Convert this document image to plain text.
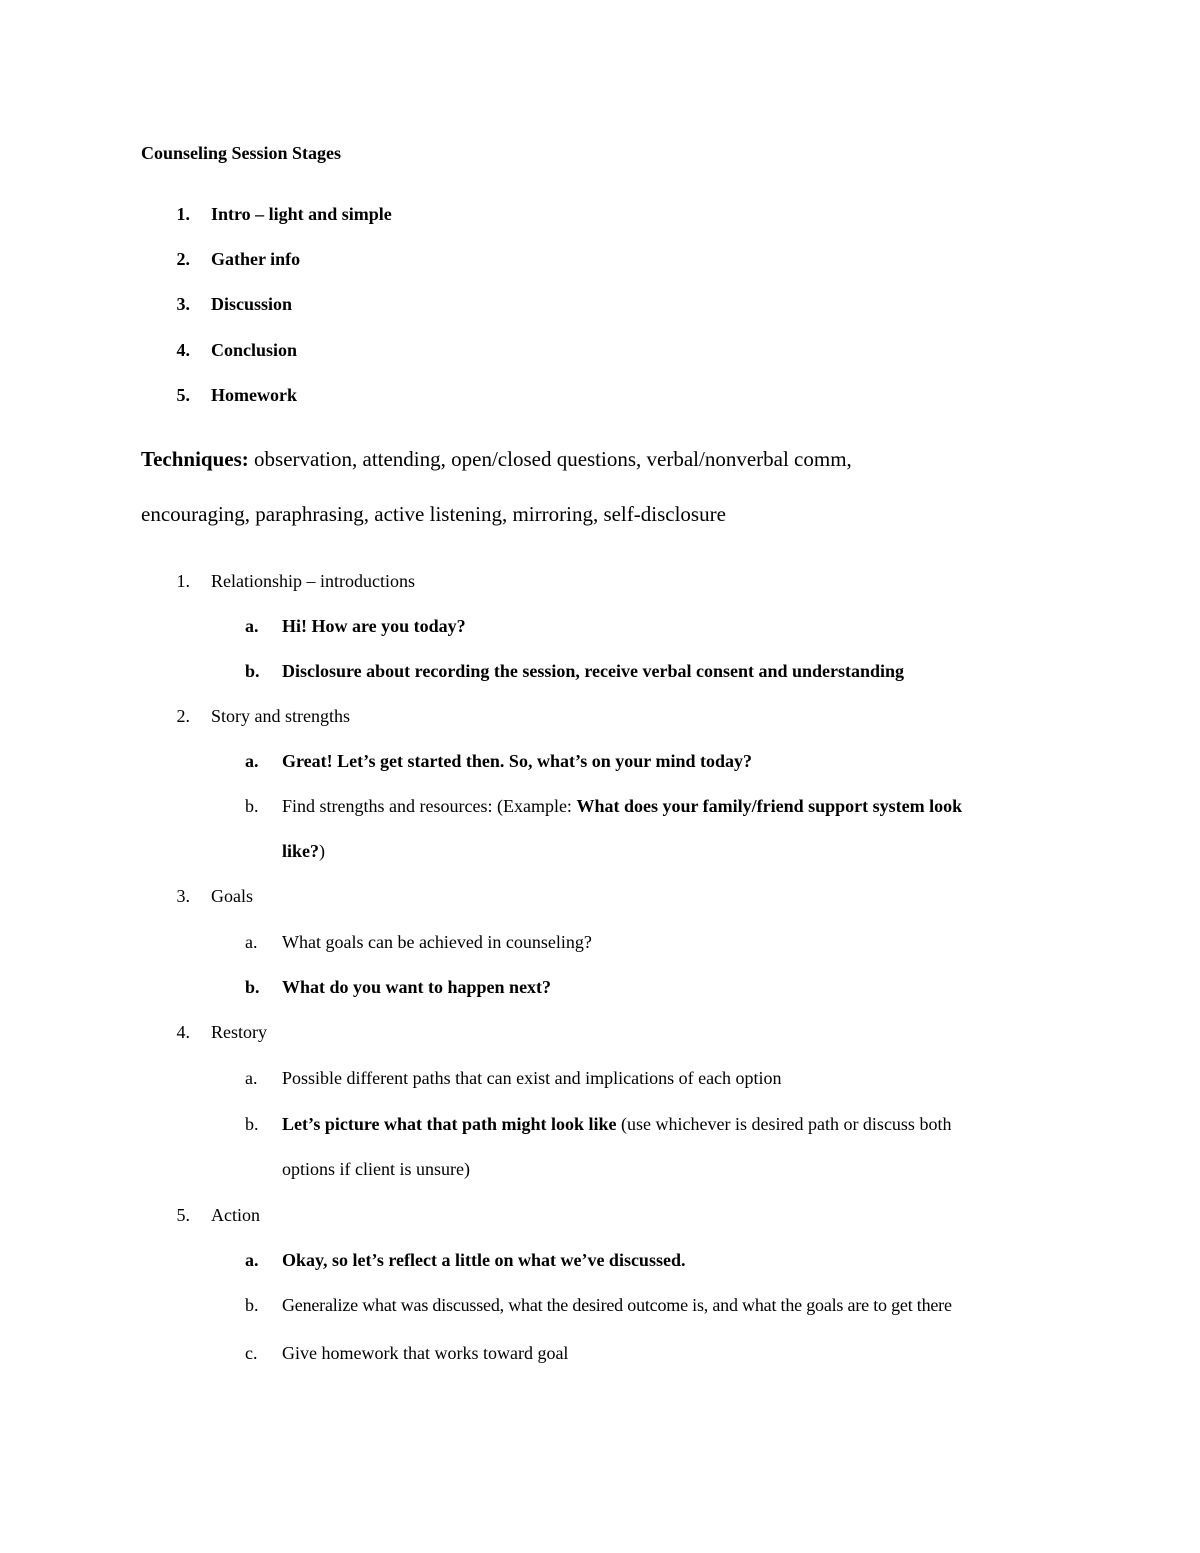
Counseling Session Stages
1. Intro – light and simple
2. Gather info
3. Discussion
4. Conclusion
5. Homework
Techniques: observation, attending, open/closed questions, verbal/nonverbal comm,
encouraging, paraphrasing, active listening, mirroring, self-disclosure
1. Relationship – introductions
a. Hi! How are you today?
b. Disclosure about recording the session, receive verbal consent and understanding
2. Story and strengths
a. Great! Let’s get started then. So, what’s on your mind today?
b. Find strengths and resources: (Example: What does your family/friend support system look
like?)
3. Goals
a. What goals can be achieved in counseling?
b. What do you want to happen next?
4. Restory
a. Possible different paths that can exist and implications of each option
b. Let’s picture what that path might look like (use whichever is desired path or discuss both
options if client is unsure)
5. Action
a. Okay, so let’s reflect a little on what we’ve discussed.
b. Generalize what was discussed, what the desired outcome is, and what the goals are to get there
c. Give homework that works toward goal
